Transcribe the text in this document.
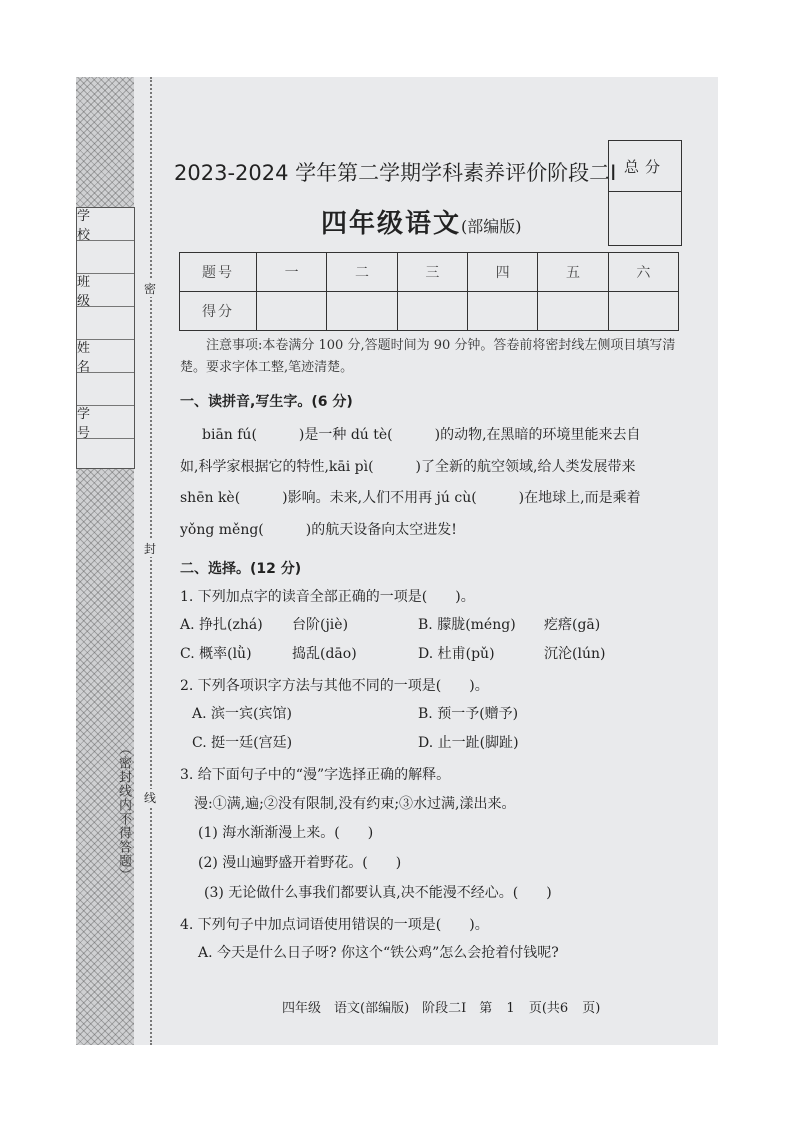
学 校
班 级
姓 名
学 号
（密封线内不得答题）
密
封
线
2023-2024 学年第二学期学科素养评价阶段二I
四年级语文(部编版)
总分
题号	一	二	三	四	五	六
得分						

注意事项:本卷满分 100 分,答题时间为 90 分钟。答卷前将密封线左侧项目填写清楚。要求字体工整,笔迹清楚。

一、读拼音,写生字。(6 分)

biān fú(　　　)是一种 dú tè(　　　)的动物,在黑暗的环境里能来去自

如,科学家根据它的特性,kāi pì(　　　)了全新的航空领域,给人类发展带来

shēn kè(　　　)影响。未来,人们不用再 jú cù(　　　)在地球上,而是乘着

yǒng měng(　　　)的航天设备向太空进发!

二、选择。(12 分)

1. 下列加点字的读音全部正确的一项是(　　)。

A. 挣扎(zhá)	台阶(jiè)	B. 朦胧(méng)	疙瘩(gā)
C. 概率(lǜ)	捣乱(dāo)	D. 杜甫(pǔ)	沉沦(lún)

2. 下列各项识字方法与其他不同的一项是(　　)。

A. 滨一宾(宾馆)	B. 预一予(赠予)
C. 挺一廷(宫廷)	D. 止一趾(脚趾)

3. 给下面句子中的“漫”字选择正确的解释。

漫:①满,遍;②没有限制,没有约束;③水过满,漾出来。

(1) 海水渐渐漫上来。(　　)

(2) 漫山遍野盛开着野花。(　　)

(3) 无论做什么事我们都要认真,决不能漫不经心。(　　)

4. 下列句子中加点词语使用错误的一项是(　　)。

A. 今天是什么日子呀? 你这个“铁公鸡”怎么会抢着付钱呢?

四年级　语文(部编版)　阶段二I　第 1 页(共6 页)
